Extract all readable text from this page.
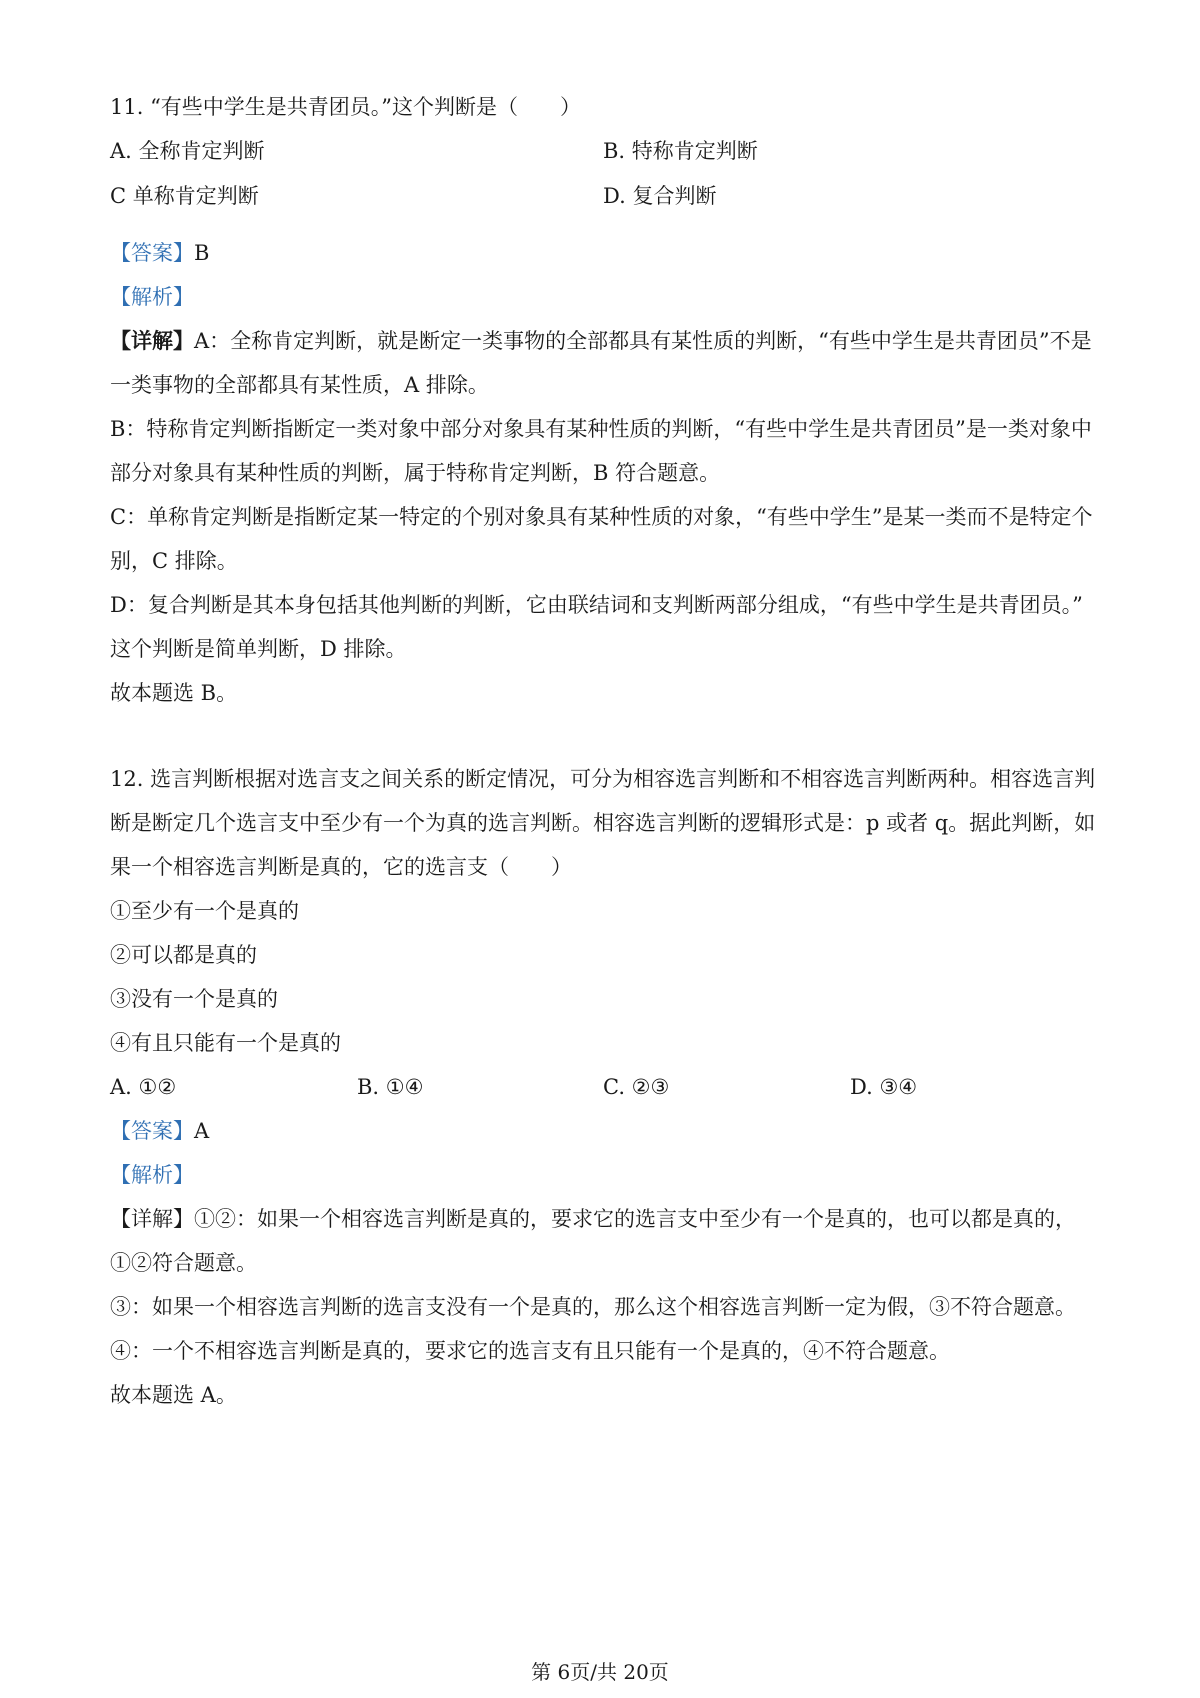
11. “有些中学生是共青团员。”这个判断是（　　）
A. 全称肯定判断	B. 特称肯定判断
C 单称肯定判断	D. 复合判断
【答案】B
【解析】
【详解】A：全称肯定判断，就是断定一类事物的全部都具有某性质的判断，“有些中学生是共青团员”不是
一类事物的全部都具有某性质，A 排除。
B：特称肯定判断指断定一类对象中部分对象具有某种性质的判断，“有些中学生是共青团员”是一类对象中
部分对象具有某种性质的判断，属于特称肯定判断，B 符合题意。
C：单称肯定判断是指断定某一特定的个别对象具有某种性质的对象，“有些中学生”是某一类而不是特定个
别，C 排除。
D：复合判断是其本身包括其他判断的判断，它由联结词和支判断两部分组成，“有些中学生是共青团员。”
这个判断是简单判断，D 排除。
故本题选 B。
12. 选言判断根据对选言支之间关系的断定情况，可分为相容选言判断和不相容选言判断两种。相容选言判
断是断定几个选言支中至少有一个为真的选言判断。相容选言判断的逻辑形式是：p 或者 q。据此判断，如
果一个相容选言判断是真的，它的选言支（　　）
①至少有一个是真的
②可以都是真的
③没有一个是真的
④有且只能有一个是真的
A. ①②	B. ①④	C. ②③	D. ③④
【答案】A
【解析】
【详解】①②：如果一个相容选言判断是真的，要求它的选言支中至少有一个是真的，也可以都是真的，
①②符合题意。
③：如果一个相容选言判断的选言支没有一个是真的，那么这个相容选言判断一定为假，③不符合题意。
④：一个不相容选言判断是真的，要求它的选言支有且只能有一个是真的，④不符合题意。
故本题选 A。
第 6页/共 20页
